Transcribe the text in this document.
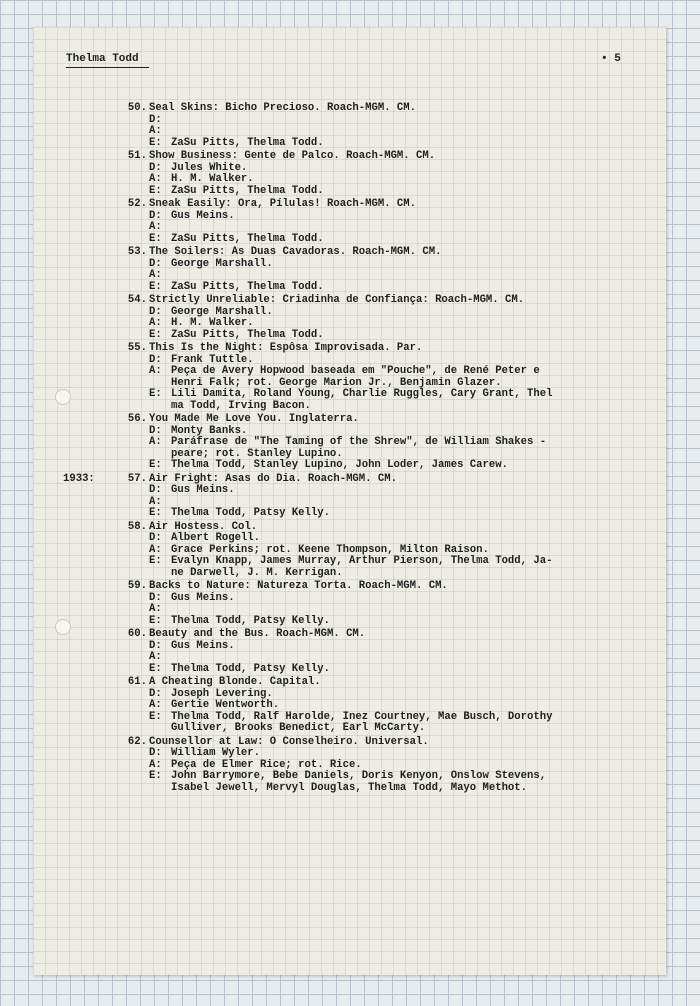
Thelma Todd	• 5
50. Seal Skins: Bicho Precioso. Roach-MGM. CM.
D:
A:
E: ZaSu Pitts, Thelma Todd.
51. Show Business: Gente de Palco. Roach-MGM. CM.
D: Jules White.
A: H. M. Walker.
E: ZaSu Pitts, Thelma Todd.
52. Sneak Easily: Ora, Pílulas! Roach-MGM. CM.
D: Gus Meins.
A:
E: ZaSu Pitts, Thelma Todd.
53. The Soilers: As Duas Cavadoras. Roach-MGM. CM.
D: George Marshall.
A:
E: ZaSu Pitts, Thelma Todd.
54. Strictly Unreliable: Criadinha de Confiança: Roach-MGM. CM.
D: George Marshall.
A: H. M. Walker.
E: ZaSu Pitts, Thelma Todd.
55. This Is the Night: Espôsa Improvisada. Par.
D: Frank Tuttle.
A: Peça de Avery Hopwood baseada em "Pouche", de René Peter e
Henri Falk; rot. George Marion Jr., Benjamin Glazer.
E: Lili Damita, Roland Young, Charlie Ruggles, Cary Grant, Thel
ma Todd, Irving Bacon.
56. You Made Me Love You. Inglaterra.
D: Monty Banks.
A: Paráfrase de "The Taming of the Shrew", de William Shakes -
peare; rot. Stanley Lupino.
E: Thelma Todd, Stanley Lupino, John Loder, James Carew.
1933:	57. Air Fright: Asas do Dia. Roach-MGM. CM.
D: Gus Meins.
A:
E: Thelma Todd, Patsy Kelly.
58. Air Hostess. Col.
D: Albert Rogell.
A: Grace Perkins; rot. Keene Thompson, Milton Raison.
E: Evalyn Knapp, James Murray, Arthur Pierson, Thelma Todd, Ja-
ne Darwell, J. M. Kerrigan.
59. Backs to Nature: Natureza Torta. Roach-MGM. CM.
D: Gus Meins.
A:
E: Thelma Todd, Patsy Kelly.
60. Beauty and the Bus. Roach-MGM. CM.
D: Gus Meins.
A:
E: Thelma Todd, Patsy Kelly.
61. A Cheating Blonde. Capital.
D: Joseph Levering.
A: Gertie Wentworth.
E: Thelma Todd, Ralf Harolde, Inez Courtney, Mae Busch, Dorothy
Gulliver, Brooks Benedict, Earl McCarty.
62. Counsellor at Law: O Conselheiro. Universal.
D: William Wyler.
A: Peça de Elmer Rice; rot. Rice.
E: John Barrymore, Bebe Daniels, Doris Kenyon, Onslow Stevens,
Isabel Jewell, Mervyl Douglas, Thelma Todd, Mayo Methot.
